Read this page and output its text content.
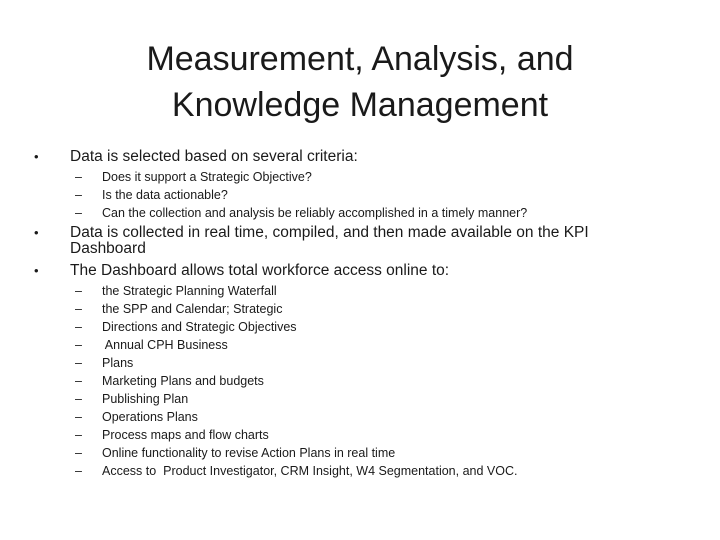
Measurement, Analysis, and
Knowledge Management
•	Data is selected based on several criteria:
– Does it support a Strategic Objective?
– Is the data actionable?
– Can the collection and analysis be reliably accomplished in a timely manner?
•	Data is collected in real time, compiled, and then made available on the KPI
Dashboard
•	The Dashboard allows total workforce access online to:
– the Strategic Planning Waterfall
– the SPP and Calendar; Strategic
– Directions and Strategic Objectives
– Annual CPH Business
– Plans
– Marketing Plans and budgets
– Publishing Plan
– Operations Plans
– Process maps and flow charts
– Online functionality to revise Action Plans in real time
– Access to  Product Investigator, CRM Insight, W4 Segmentation, and VOC.
